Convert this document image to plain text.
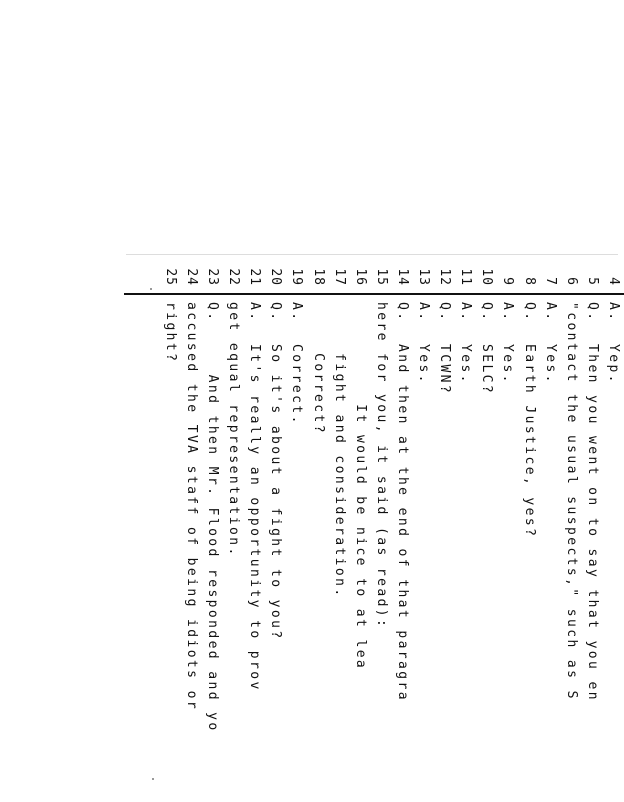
4
5
6
7
8
9
10
11
12
13
14
15
16
17
18
19
20
21
22
23
24
25
A.Yep.
Q.Then you went on to say that you en
"contact the usual suspects," such as S
A.Yes.
Q.Earth Justice, yes?
A.Yes.
Q.SELC?
A.Yes.
Q.TCWN?
A.Yes.
Q.And then at the end of that paragra
here for you, it said (as read):
It would be nice to at lea
fight and consideration.
Correct?
A.Correct.
Q.So it's about a fight to you?
A.It's really an opportunity to prov
get equal representation.
Q.   And then Mr. Flood responded and yo
accused the TVA staff of being idiots or
right?
